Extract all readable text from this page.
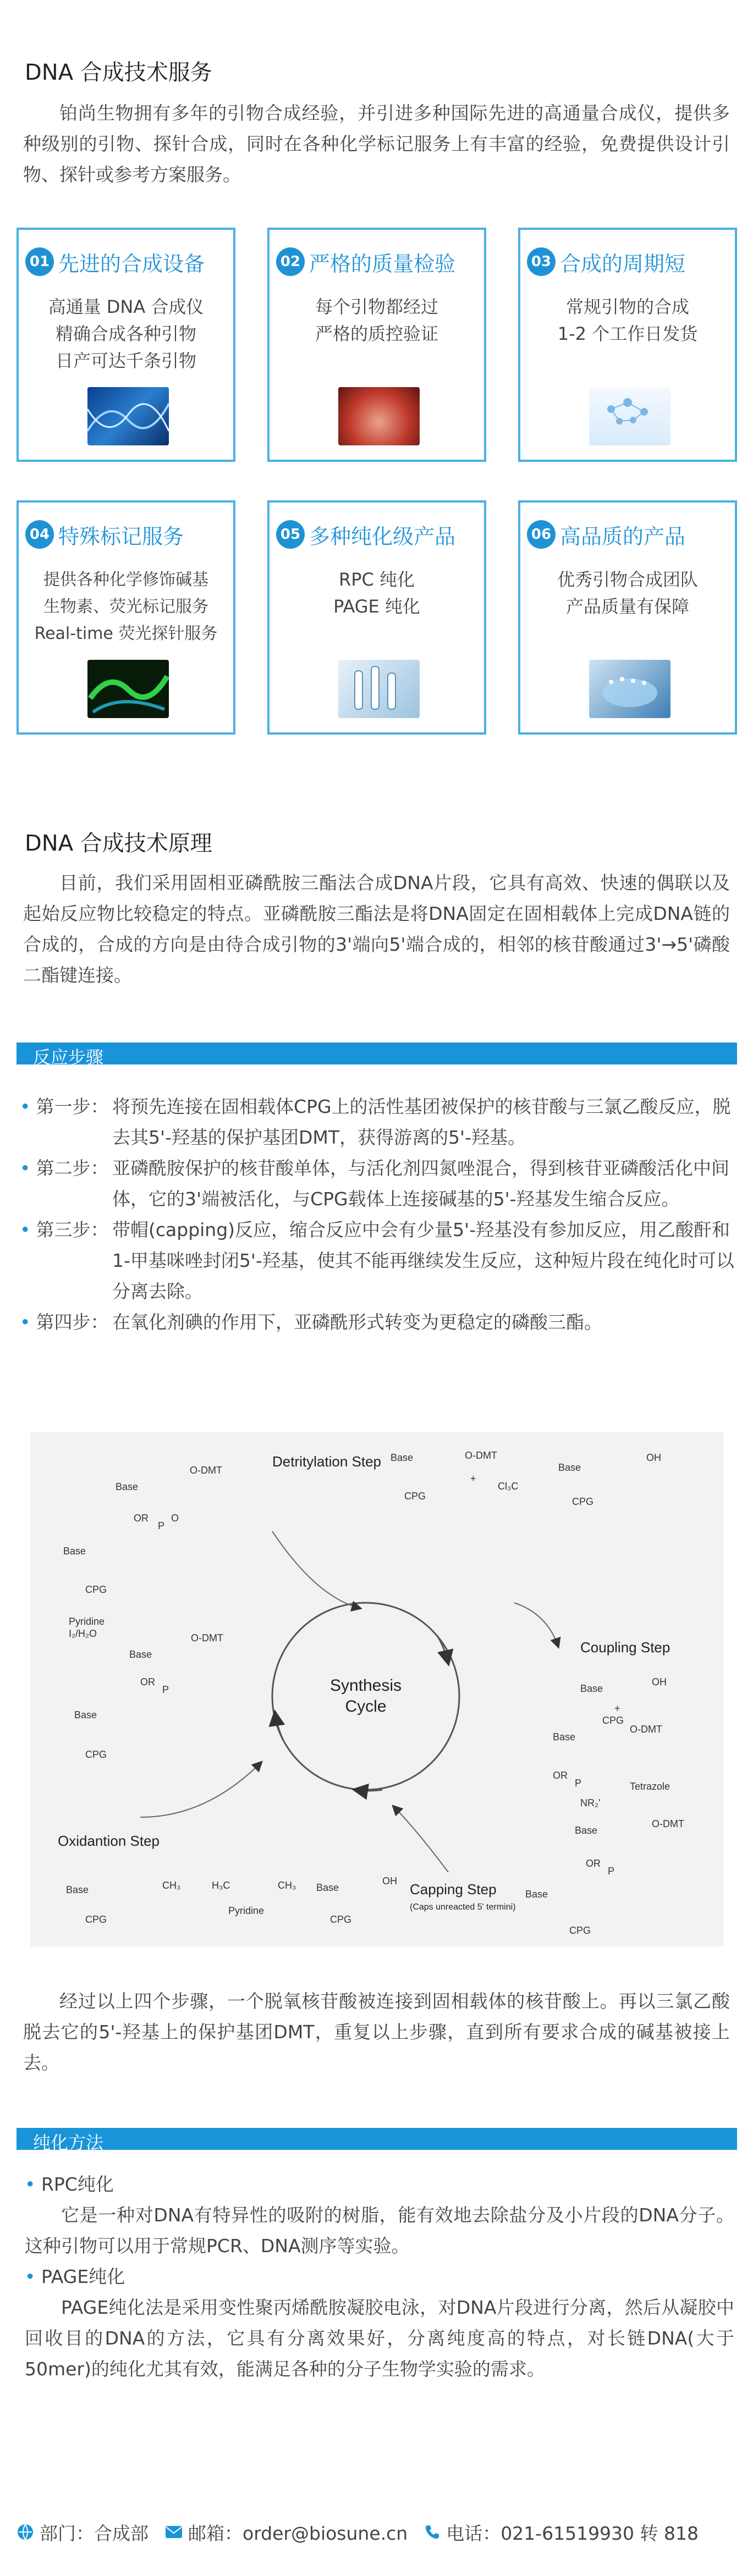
DNA 合成技术服务
铂尚生物拥有多年的引物合成经验，并引进多种国际先进的高通量合成仪，提供多种级别的引物、探针合成，同时在各种化学标记服务上有丰富的经验，免费提供设计引物、探针或参考方案服务。
01 先进的合成设备
高通量 DNA 合成仪
精确合成各种引物
日产可达千条引物
02 严格的质量检验
每个引物都经过
严格的质控验证
03 合成的周期短
常规引物的合成
1-2 个工作日发货
04 特殊标记服务
提供各种化学修饰碱基
生物素、荧光标记服务
Real-time 荧光探针服务
05 多种纯化级产品
RPC 纯化
PAGE 纯化
06 高品质的产品
优秀引物合成团队
产品质量有保障
DNA 合成技术原理
目前，我们采用固相亚磷酰胺三酯法合成DNA片段，它具有高效、快速的偶联以及起始反应物比较稳定的特点。亚磷酰胺三酯法是将DNA固定在固相载体上完成DNA链的合成的，合成的方向是由待合成引物的3'端向5'端合成的，相邻的核苷酸通过3'→5'磷酸二酯键连接。
反应步骤
• 第一步： 将预先连接在固相载体CPG上的活性基团被保护的核苷酸与三氯乙酸反应，脱去其5'-羟基的保护基团DMT，获得游离的5'-羟基。
• 第二步： 亚磷酰胺保护的核苷酸单体，与活化剂四氮唑混合，得到核苷亚磷酸活化中间体，它的3'端被活化，与CPG载体上连接碱基的5'-羟基发生缩合反应。
• 第三步： 带帽(capping)反应，缩合反应中会有少量5'-羟基没有参加反应，用乙酸酐和1-甲基咪唑封闭5'-羟基，使其不能再继续发生反应，这种短片段在纯化时可以分离去除。
• 第四步： 在氧化剂碘的作用下，亚磷酰形式转变为更稳定的磷酸三酯。
Synthesis
Cycle
Detritylation Step
Coupling Step
Capping Step
(Caps unreacted 5' termini)
Oxidantion Step
Base
O-DMT
OR
P
O
Base
CPG
Pyridine
I₂/H₂O
Base
O-DMT
OR
P
Base
CPG
Base	O-DMT
CPG
+
Cl₃C
Base
OH
CPG
Base
OH
CPG
+
Base
O-DMT
OR
P
NR₂'
Tetrazole
Base
O-DMT
OR
P
Base
CPG
Base	CH₃
CPG
H₃C	CH₃
Pyridine
Base
OH
CPG
经过以上四个步骤，一个脱氧核苷酸被连接到固相载体的核苷酸上。再以三氯乙酸脱去它的5'-羟基上的保护基团DMT，重复以上步骤，直到所有要求合成的碱基被接上去。
纯化方法
• RPC纯化
它是一种对DNA有特异性的吸附的树脂，能有效地去除盐分及小片段的DNA分子。这种引物可以用于常规PCR、DNA测序等实验。
• PAGE纯化
PAGE纯化法是采用变性聚丙烯酰胺凝胶电泳，对DNA片段进行分离，然后从凝胶中回收目的DNA的方法，它具有分离效果好，分离纯度高的特点，对长链DNA(大于50mer)的纯化尤其有效，能满足各种的分子生物学实验的需求。
部门：合成部 邮箱：order@biosune.cn 电话：021-61519930 转 818
